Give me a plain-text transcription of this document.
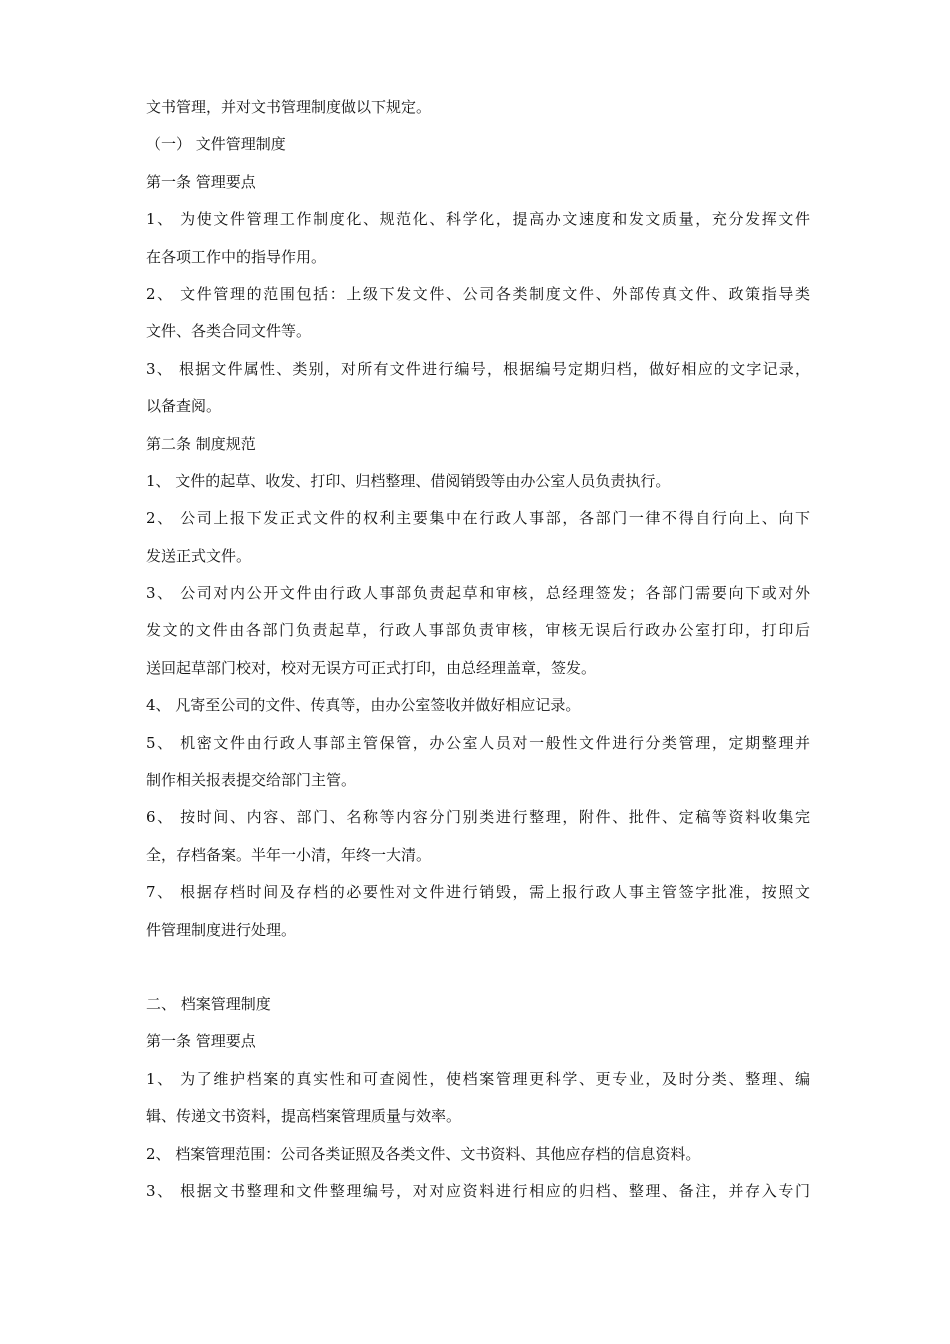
文书管理，并对文书管理制度做以下规定。
（一） 文件管理制度
第一条 管理要点
1、 为使文件管理工作制度化、规范化、科学化，提高办文速度和发文质量，充分发挥文件
在各项工作中的指导作用。
2、 文件管理的范围包括：上级下发文件、公司各类制度文件、外部传真文件、政策指导类
文件、各类合同文件等。
3、 根据文件属性、类别，对所有文件进行编号，根据编号定期归档，做好相应的文字记录，
以备查阅。
第二条 制度规范
1、 文件的起草、收发、打印、归档整理、借阅销毁等由办公室人员负责执行。
2、 公司上报下发正式文件的权利主要集中在行政人事部，各部门一律不得自行向上、向下
发送正式文件。
3、 公司对内公开文件由行政人事部负责起草和审核，总经理签发；各部门需要向下或对外
发文的文件由各部门负责起草，行政人事部负责审核，审核无误后行政办公室打印，打印后
送回起草部门校对，校对无误方可正式打印，由总经理盖章，签发。
4、 凡寄至公司的文件、传真等，由办公室签收并做好相应记录。
5、 机密文件由行政人事部主管保管，办公室人员对一般性文件进行分类管理，定期整理并
制作相关报表提交给部门主管。
6、 按时间、内容、部门、名称等内容分门别类进行整理，附件、批件、定稿等资料收集完
全，存档备案。半年一小清，年终一大清。
7、 根据存档时间及存档的必要性对文件进行销毁，需上报行政人事主管签字批准，按照文
件管理制度进行处理。
二、 档案管理制度
第一条 管理要点
1、 为了维护档案的真实性和可查阅性，使档案管理更科学、更专业，及时分类、整理、编
辑、传递文书资料，提高档案管理质量与效率。
2、 档案管理范围：公司各类证照及各类文件、文书资料、其他应存档的信息资料。
3、 根据文书整理和文件整理编号，对对应资料进行相应的归档、整理、备注，并存入专门
